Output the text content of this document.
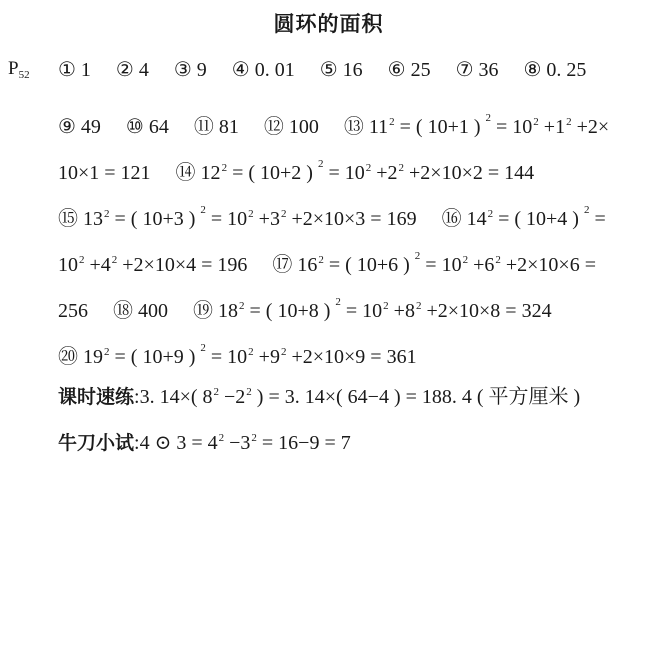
圆环的面积
$P_{52}$ ① 1 　② 4 　③ 9 　④ 0. 01 　⑤ 16 　⑥ 25 　⑦ 36 　⑧ 0. 25
⑨ 49 　⑩ 64 　⑪ 81 　⑫ 100 　⑬ $11^2$ = ( 10+1 ) $^2 = 10^2 +1^2 +2\times$
10×1 = 121 　⑭ $12^2$ = ( 10+2 ) $^2 = 10^2 +2^2 +2\times 10\times 2 = 144$
⑮ $13^2$ = ( 10+3 ) $^2 = 10^2 +3^2 +2\times 10\times 3 = 169$ 　⑯ $14^2$ = ( 10+4 ) $^2$ =
$10^2 +4^2 +2\times 10\times 4 = 196$ 　⑰ $16^2$ = ( 10+6 ) $^2 = 10^2 +6^2 +2\times 10\times 6$ =
256 　⑱ 400 　⑲ $18^2$ = ( 10+8 ) $^2 = 10^2 +8^2 +2\times 10\times 8 = 324$
⑳ $19^2$ = ( 10+9 ) $^2 = 10^2 +9^2 +2\times 10\times 9 = 361$
课时速练:3. 14×( $8^2 -2^2$ ) = 3. 14×( 64−4 ) = 188. 4 ( 平方厘米 )
牛刀小试:4 ⊙ $3 = 4^2 -3^2 = 16-9 = 7$
